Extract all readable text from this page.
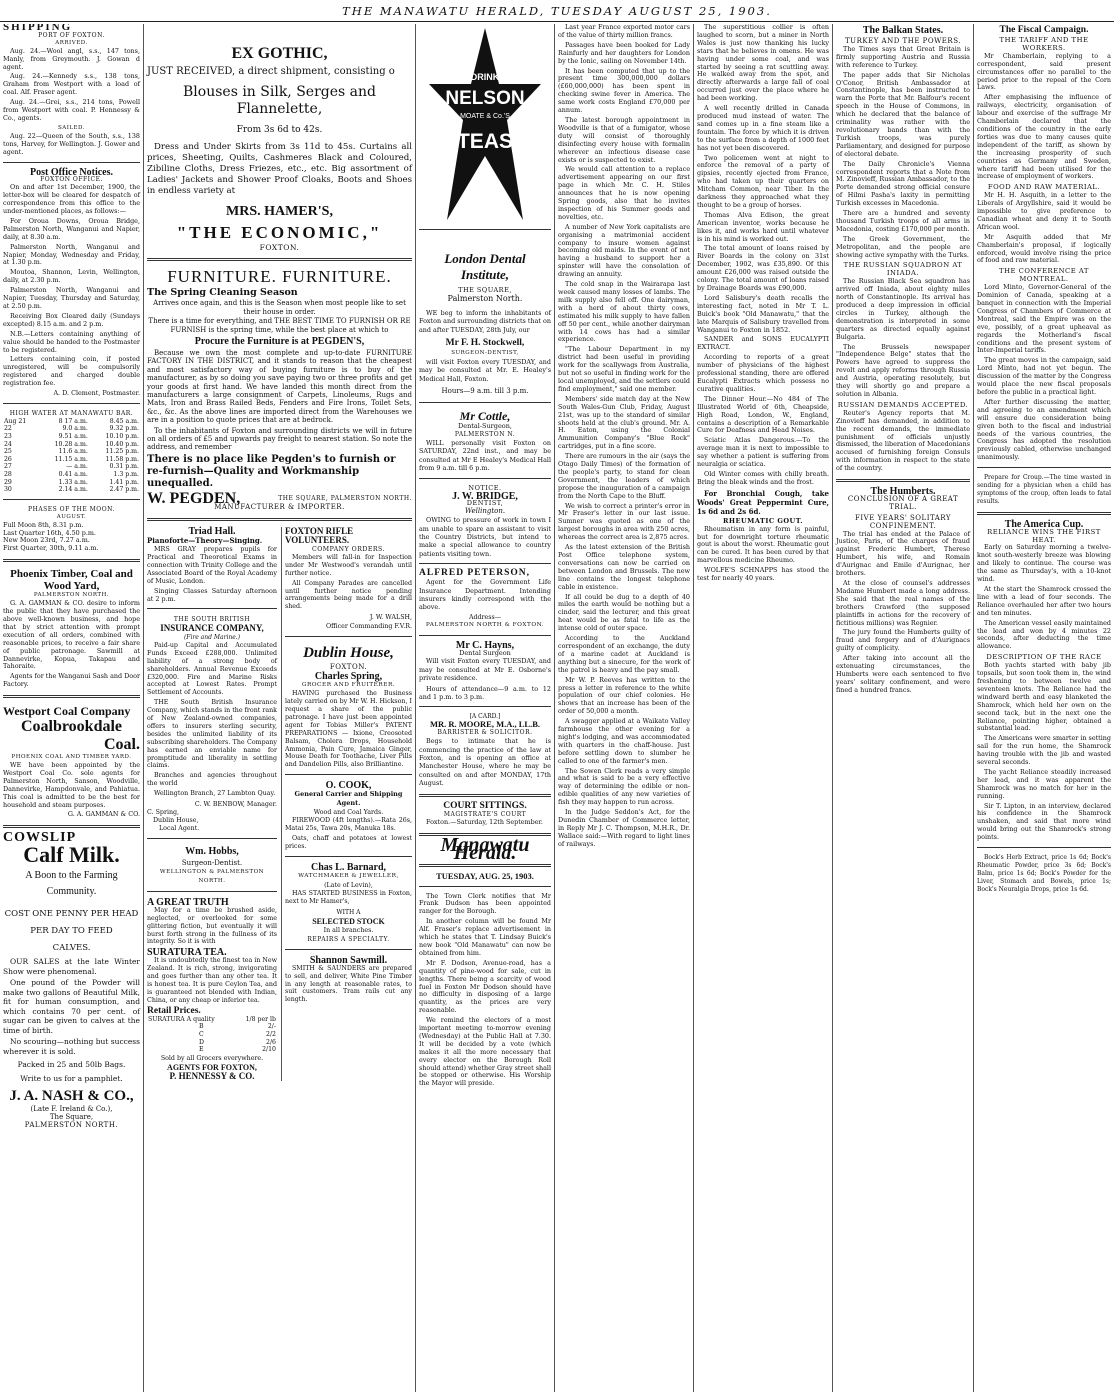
THE MANAWATU HERALD, TUESDAY AUGUST 25, 1903.
SHIPPING
PORT OF FOXTON.
ARRIVED.
Aug. 24.—Wool angl, s.s., 147 tons, Manly, from Greymouth. J. Gowan d agent.
Aug. 24.—Kennedy s.s., 138 tons, Graham from Westport with a load of coal. Alf. Fraser agent.
Aug. 24.—Grei, s.s., 214 tons, Powell from Westport with coal. P. Hennessy & Co., agents.
SAILED.
Aug. 22—Queen of the South, s.s., 138 tons, Harvey, for Wellington. J. Gower and agent.
Post Office Notices.
FOXTON OFFICE.
On and after 1st December, 1900, the letter-box will be cleared for despatch of correspondence from this office to the under-mentioned places, as follows:—
For Oroua Downs, Oroua Bridge, Palmerston North, Wanganui and Napier, daily, at 8.30 a.m.
Palmerston North, Wanganui and Napier, Monday, Wednesday and Friday, at 1.30 p.m.
Moutoa, Shannon, Levin, Wellington, daily, at 2.30 p.m.
Palmerston North, Wanganui and Napier, Tuesday, Thursday and Saturday, at 2.50 p.m.
Receiving Box Cleared daily (Sundays excepted) 8.15 a.m. and 2 p.m.
N.B.—Letters containing anything of value should be handed to the Postmaster to be registered.
Letters containing coin, if posted unregistered, will be compulsorily registered and charged double registration fee.
A. D. Clement, Postmaster.
HIGH WATER AT MANAWATU BAR.
Aug 21	8 17 a.m.	8.45 a.m.
22	9.0 a.m.	9.32 p.m.
23	9.51 a.m.	10.10 p.m.
24	10.28 a.m.	10.40 p.m.
25	11.6 a.m.	11.25 p.m.
26	11.15 a.m.	11.58 p.m.
27	— a.m.	0.31 p.m.
28	0.41 a.m.	1.3 p.m.
29	1.33 a.m.	1.41 p.m.
30	2.14 a.m.	2.47 p.m.
PHASES OF THE MOON.
AUGUST.
Full Moon 8th, 8.31 p.m.
Last Quarter 16th, 4.50 p.m.
New Moon 23rd, 7.27 a.m.
First Quarter, 30th, 9.11 a.m.
Phoenix Timber, Coal and Wood Yard,
PALMERSTON NORTH.
G. A. GAMMAN & CO. desire to inform the public that they have purchased the above well-known business, and hope that by strict attention with prompt execution of all orders, combined with reasonable prices, to receive a fair share of public patronage. Sawmill at Dannevirke, Kopua, Takapau and Tahoraite.
Agents for the Wanganui Sash and Door Factory.
Westport Coal Company
Coalbrookdale
Coal.
PHOENIX COAL AND TIMBER YARD.
WE have been appointed by the Westport Coal Co. sole agents for Palmerston North, Sanson, Woodville, Dannevirke, Hampdonvale, and Pahiatua. This coal is admitted to be the best for household and steam purposes.
G. A. GAMMAN & CO.
COWSLIP
Calf Milk.
A Boon to the Farming Community.
COST ONE PENNY PER HEAD
PER DAY TO FEED
CALVES.
OUR SALES at the late Winter Show were phenomenal.
One pound of the Powder will make two gallons of Beautiful Milk, fit for human consumption, and which contains 70 per cent. of sugar can be given to calves at the time of birth.
No scouring—nothing but success wherever it is sold.
Packed in 25 and 50lb Bags.
Write to us for a pamphlet.
J. A. NASH & CO.,
(Late F. Ireland & Co.),
The Square,
PALMERSTON NORTH.
EX GOTHIC,
JUST RECEIVED, a direct shipment, consisting o
Blouses in Silk, Serges and Flannelette,
From 3s 6d to 42s.
Dress and Under Skirts from 3s 11d to 45s. Curtains all prices, Sheeting, Quilts, Cashmeres Black and Coloured, Zibiline Cloths, Dress Friezes, etc., etc. Big assortment of Ladies' Jackets and Shower Proof Cloaks, Boots and Shoes in endless variety at
MRS. HAMER'S,
"THE ECONOMIC,"
FOXTON.
FURNITURE. FURNITURE.
The Spring Cleaning Season
Arrives once again, and this is the Season when most people like to set their house in order.
There is a time for everything, and THE BEST TIME TO FURNISH OR RE FURNISH is the spring time, while the best place at which to
Procure the Furniture is at PEGDEN'S,
Because we own the most complete and up-to-date FURNITURE FACTORY IN THE DISTRICT, and it stands to reason that the cheapest and most satisfactory way of buying furniture is to buy of the manufacturer, as by so doing you save paying two or three profits and get your goods at first hand. We have landed this month direct from the manufacturers a large consignment of Carpets, Linoleums, Rugs and Mats, Iron and Brass Railed Beds, Fenders and Fire Irons, Toilet Sets, &c., &c. As the above lines are imported direct from the Warehouses we are in a position to quote prices that are at bedrock.
To the inhabitants of Foxton and surrounding districts we will in future on all orders of £5 and upwards pay freight to nearest station. So note the address, and remember
There is no place like Pegden's to furnish or re-furnish—Quality and Workmanship unequalled.
W. PEGDEN,	THE SQUARE, PALMERSTON NORTH.
MANUFACTURER & IMPORTER.
Triad Hall.
Pianoforte—Theory—Singing.
MRS GRAY prepares pupils for Practical and Theoretical Exams in connection with Trinity College and the Associated Board of the Royal Academy of Music, London.
Singing Classes Saturday afternoon at 2 p.m.
THE SOUTH BRITISH
INSURANCE COMPANY,
(Fire and Marine.)
Paid-up Capital and Accumulated Funds Exceed £288,000. Unlimited liability of a strong body of shareholders. Annual Revenue Exceeds £320,000. Fire and Marine Risks accepted at Lowest Rates. Prompt Settlement of Accounts.
THE South British Insurance Company, which stands in the front rank of New Zealand-owned companies, offers to insurers sterling security, besides the unlimited liability of its subscribing shareholders. The Company has earned an enviable name for promptitude and liberality in settling claims.
Branches and agencies throughout the world
Wellington Branch, 27 Lambton Quay.
C. W. BENBOW, Manager.
C. Spring,
Dublin House,
Local Agent.
Wm. Hobbs,
Surgeon-Dentist.
WELLINGTON & PALMERSTON NORTH.
A GREAT TRUTH
May for a time be brushed aside, neglected, or overlooked for some glittering fiction, but eventually it will burst forth strong in the fullness of its integrity. So it is with
SURATURA TEA.
It is undoubtedly the finest tea in New Zealand. It is rich, strong, invigorating and goes further than any other tea. It is honest tea. It is pure Ceylon Tea, and is guaranteed not blended with Indian, China, or any cheap or inferior tea.
Retail Prices.
SURATURA A quality	1/8 per lb
B	2/-
C	2/2
D	2/6
E	2/10
Sold by all Grocers everywhere.
AGENTS FOR FOXTON,
P. HENNESSY & CO.
FOXTON RIFLE VOLUNTEERS.
COMPANY ORDERS.
Members will fall-in for Inspection under Mr Westwood's verandah until further notice.
All Company Parades are cancelled until further notice pending arrangements being made for a drill shed.
J. W. WALSH,
Officer Commanding F.V.R.
Dublin House,
FOXTON.
Charles Spring,
GROCER AND FRUITERER.
HAVING purchased the Business lately carried on by Mr W. H. Hickson, I request a share of the public patronage. I have just been appointed agent for Tobias Miller's PATENT PREPARATIONS — Ixione, Creosoted Balsam, Cholera Drops, Household Ammonia, Pain Cure, Jamaica Ginger, Mouse Death for Toothache, Liver Pills and Dandelion Pills, also Brilliantine.
O. COOK,
General Carrier and Shipping Agent.
Wood and Coal Yards.
FIREWOOD (4ft lengths).—Rata 26s, Matai 25s, Tawa 20s, Manuka 18s.
Oats, chaff and potatoes at lowest prices.
Chas L. Barnard,
WATCHMAKER & JEWELLER,
(Late of Levin),
HAS STARTED BUSINESS in Foxton, next to Mr Hamer's,
WITH A
SELECTED STOCK
In all branches.
REPAIRS A SPECIALTY.
Shannon Sawmill.
SMITH & SAUNDERS are prepared to sell, and deliver, White Pine Timber in any length at reasonable rates, to suit customers. Tram rails cut any length.
DRINK
NELSON
MOATE & Co.'S
TEAS
London Dental
Institute,
THE SQUARE,
Palmerston North.
WE beg to inform the inhabitants of Foxton and surrounding districts that on and after TUESDAY, 28th July, our
Mr F. H. Stockwell,
SURGEON-DENTIST,
will visit Foxton every TUESDAY, and may be consulted at Mr. E. Healey's Medical Hall, Foxton.
Hours—9 a.m. till 3 p.m.
Mr Cottle,
Dental-Surgeon,
PALMERSTON N.
WILL personally visit Foxton on SATURDAY, 22nd inst., and may be consulted at Mr E Healey's Medical Hall from 9 a.m. till 6 p.m.
NOTICE.
J. W. BRIDGE,
DENTIST,
Wellington.
OWING to pressure of work in town I am unable to spare an assistant to visit the Country Districts, but intend to make a special allowance to country patients visiting town.
ALFRED PETERSON,
Agent for the Government Life Insurance Department. Intending insurers kindly correspond with the above.
Address—
PALMERSTON NORTH & FOXTON.
Mr C. Hayns,
Dental Surgeon
Will visit Foxton every TUESDAY, and may be consulted at Mr E. Osborne's private residence.
Hours of attendance—9 a.m. to 12 and 1 p.m. to 3 p.m.
[A CARD.]
MR. R. MOORE, M.A., LL.B.
BARRISTER & SOLICITOR.
Begs to intimate that he is commencing the practice of the law at Foxton, and is opening an office at Manchester House, where he may be consulted on and after MONDAY, 17th August.
COURT SITTINGS.
MAGISTRATE'S COURT
Foxton.—Saturday, 12th September.
Manawatu Herald.
TUESDAY, AUG. 25, 1903.
The Town Clerk notifies that Mr Frank Dudson has been appointed ranger for the Borough.
In another column will be found Mr Alf. Fraser's replace advertisement in which he states that T. Lindsay Buick's new book "Old Manawatu" can now be obtained from him.
Mr F. Dodson, Avenue-road, has a quantity of pine-wood for sale, cut in lengths. There being a scarcity of wood fuel in Foxton Mr Dodson should have no difficulty in disposing of a large quantity, as the prices are very reasonable.
We remind the electors of a most important meeting to-morrow evening (Wednesday) at the Public Hall at 7.30. It will be decided by a vote (which makes it all the more necessary that every elector on the Borough Roll should attend) whether Gray street shall be stopped or otherwise. His Worship the Mayor will preside.
Last year France exported motor cars of the value of thirty million francs.
Passages have been booked for Lady Rainfurly and her daughters for London by the Ionic, sailing on November 14th.
It has been computed that up to the present time 300,000,000 dollars (£60,000,000) has been spent in checking swine fever in America. The same work costs England £70,000 per annum.
The latest borough appointment in Woodville is that of a fumigator, whose duty will consist of thoroughly disinfecting every house with formalin wherever an infectious disease case exists or is suspected to exist.
We would call attention to a replace advertisement appearing on our first page in which Mr. C. H. Stiles announces that he is now opening Spring goods, also that he invites inspection of his Summer goods and novelties, etc.
A number of New York capitalists are organising a matrimonial accident company to insure women against becoming old maids. In the event of not having a husband to support her a spinster will have the consolation of drawing an annuity.
The cold snap in the Wairarapa last week caused many losses of lambs. The milk supply also fell off. One dairyman, with a herd of about thirty cows, estimated his milk supply to have fallen off 50 per cent., while another dairyman with 14 cows has had a similar experience.
"The Labour Department in my district had been useful in providing work for the scallywags from Australia, but not so useful in finding work for the local unemployed, and the settlers could find employment," said one member.
Members' side match day at the New South Wales-Gun Club, Friday, August 21st, was up to the standard of similar shoots held at the club's ground. Mr. A. H. Eaton, using the Colonial Ammunition Company's "Blue Rock" cartridges, put in a fine score.
There are rumours in the air (says the Otago Daily Times) of the formation of the people's party, to stand for clean Government, the leaders of which propose the inauguration of a campaign from the North Cape to the Bluff.
We wish to correct a printer's error in Mr Fraser's letter in our last issue. Sumner was quoted as one of the largest boroughs in area with 250 acres, whereas the correct area is 2,875 acres.
As the latest extension of the British Post Office telephone system, conversations can now be carried on between London and Brussels. The new line contains the longest telephone cable in existence.
If all could be dug to a depth of 40 miles the earth would be nothing but a cinder, said the lecturer, and this great heat would be as fatal to life as the intense cold of outer space.
According to the Auckland correspondent of an exchange, the duty of a marine cadet at Auckland is anything but a sinecure, for the work of the patrol is heavy and the pay small.
Mr W. P. Reeves has written to the press a letter in reference to the white population of our chief colonies. He shows that an increase has been of the order of 50,000 a month.
A swagger applied at a Waikato Valley farmhouse the other evening for a night's lodging, and was accommodated with quarters in the chaff-house. Just before settling down to slumber he called to one of the farmer's men.
The Sowen Clerk reads a very simple and what is said to be a very effective way of determining the edible or non-edible qualities of any new varieties of fish they may happen to run across.
In the Judge Seddon's Act, for the Dunedin Chamber of Commerce letter, in Reply Mr J. C. Thompson, M.H.R., Dr. Wallace said:—With regard to light lines of railways.
The superstitious collier is often laughed to scorn, but a miner in North Wales is just now thanking his lucky stars that he believes in omens. He was having under some coal, and was started by seeing a rat scuttling away. He walked away from the spot, and directly afterwards a large fall of coal occurred just over the place where he had been working.
A well recently drilled in Canada produced mud instead of water. The sand comes up in a fine steam like a fountain. The force by which it is driven to the surface from a depth of 1000 feet has not yet been discovered.
Two policemen went at night to enforce the removal of a party of gipsies, recently ejected from France, who had taken up their quarters on Mitcham Common, near Tiber. In the darkness they approached what they thought to be a group of horses.
Thomas Alva Edison, the great American inventor, works because he likes it, and works hard until whatever is in his mind is worked out.
The total amount of loans raised by River Boards in the colony on 31st December, 1902, was £35,890. Of this amount £26,000 was raised outside the colony. The total amount of loans raised by Drainage Boards was £90,000.
Lord Salisbury's death recalls the interesting fact, noted in Mr T. L. Buick's book "Old Manawatu," that the late Marquis of Salisbury travelled from Wanganui to Foxton in 1852.
SANDER and SONS EUCALYPTI EXTRACT.
According to reports of a great number of physicians of the highest professional standing, there are offered Eucalypti Extracts which possess no curative qualities.
The Dinner Hour.—No 484 of The Illustrated World of 6th, Cheapside, High Road, London, W., England, contains a description of a Remarkable Cure for Deafness and Head Noises.
Sciatic Atlas Dangerous.—To the average man it is next to impossible to say whether a patient is suffering from neuralgia or sciatica.
Old Winter comes with chilly breath. Bring the bleak winds and the frost.
For Bronchial Cough, take Woods' Great Peppermint Cure, 1s 6d and 2s 6d.
RHEUMATIC GOUT.
Rheumatism in any form is painful, but for downright torture rheumatic gout is about the worst. Rheumatic gout can be cured. It has been cured by that marvellous medicine Rheumo.
WOLFE'S SCHNAPPS has stood the test for nearly 40 years.
The Balkan States.
TURKEY AND THE POWERS.
The Times says that Great Britain is firmly supporting Austria and Russia with reference to Turkey.
The paper adds that Sir Nicholas O'Conor, British Ambassador at Constantinople, has been instructed to warn the Porte that Mr. Balfour's recent speech in the House of Commons, in which he declared that the balance of criminality was rather with the revolutionary bands than with the Turkish troops, was purely Parliamentary, and designed for purpose of electoral debate.
The Daily Chronicle's Vienna correspondent reports that a Note from M. Zinovieff, Russian Ambassador, to the Porte demanded strong official censure of Hilmi Pasha's laxity in permitting Turkish excesses in Macedonia.
There are a hundred and seventy thousand Turkish troops of all arms in Macedonia, costing £170,000 per month.
The Greek Government, the Metropolitan, and the people are showing active sympathy with the Turks.
THE RUSSIAN SQUADRON AT INIADA.
The Russian Black Sea squadron has arrived off Iniada, about eighty miles north of Constantinople. Its arrival has produced a deep impression in official circles in Turkey, although the demonstration is interpreted in some quarters as directed equally against Bulgaria.
The Brussels newspaper "Independence Belge" states that the Powers have agreed to suppress the revolt and apply reforms through Russia and Austria, operating resolutely, but they will shortly go and prepare a solution in Albania.
RUSSIAN DEMANDS ACCEPTED.
Reuter's Agency reports that M. Zinovieff has demanded, in addition to the recent demands, the immediate punishment of officials unjustly dismissed, the liberation of Macedonians accused of furnishing foreign Consuls with information in respect to the state of the country.
The Humberts.
CONCLUSION OF A GREAT TRIAL.
FIVE YEARS' SOLITARY CONFINEMENT.
The trial has ended at the Palace of Justice, Paris, of the charges of fraud against Frederic Humbert, Therese Humbert, his wife, and Romain d'Aurignac and Emile d'Aurignac, her brothers.
At the close of counsel's addresses Madame Humbert made a long address. She said that the real names of the brothers Crawford (the supposed plaintiffs in actions for the recovery of fictitious millions) was Regnier.
The jury found the Humberts guilty of fraud and forgery and of d'Aurignacs guilty of complicity.
After taking into account all the extenuating circumstances, the Humberts were each sentenced to five years' solitary confinement, and were fined a hundred francs.
The Fiscal Campaign.
THE TARIFF AND THE WORKERS.
Mr Chamberlain, replying to a correspondent, said present circumstances offer no parallel to the period prior to the repeal of the Corn Laws.
After emphasising the influence of railways, electricity, organisation of labour and exercise of the suffrage Mr Chamberlain declared that the conditions of the country in the early forties was due to many causes quite independent of the tariff, as shown by the increasing prosperity of such countries as Germany and Sweden, where tariff had been utilised for the increase of employment of workers.
FOOD AND RAW MATERIAL.
Mr H. H. Asquith, in a letter to the Liberals of Argyllshire, said it would be impossible to give preference to Canadian wheat and deny it to South African wool.
Mr Asquith added that Mr Chamberlain's proposal, if logically enforced, would involve rising the price of food and raw material.
THE CONFERENCE AT MONTREAL.
Lord Minto, Governor-General of the Dominion of Canada, speaking at a banquet in connection with the Imperial Congress of Chambers of Commerce at Montreal, said the Empire was on the eve, possibly, of a great upheaval as regards the Motherland's fiscal conditions and the present system of Inter-Imperial tariffs.
The great moves in the campaign, said Lord Minto, had not yet begun. The discussion of the matter by the Congress would place the new fiscal proposals before the public in a practical light.
After further discussing the matter, and agreeing to an amendment which will ensure due consideration being given both to the fiscal and industrial needs of the various countries, the Congress has adopted the resolution previously cabled, otherwise unchanged unanimously.
Prepare for Croup.—The time wasted in sending for a physician when a child has symptoms of the croup, often leads to fatal results.
The America Cup.
RELIANCE WINS THE FIRST HEAT.
Early on Saturday morning a twelve-knot south-westerly breeze was blowing and likely to continue. The course was the same as Thursday's, with a 10-knot wind.
At the start the Shamrock crossed the line with a lead of four seconds. The Reliance overhauled her after two hours and ten minutes.
The American vessel easily maintained the lead and won by 4 minutes 22 seconds, after deducting the time allowance.
DESCRIPTION OF THE RACE
Both yachts started with baby jib topsails, but soon took them in, the wind freshening to between twelve and seventeen knots. The Reliance had the windward berth and easy blanketed the Shamrock, which held her own on the second tack, but in the next one the Reliance, pointing higher, obtained a substantial lead.
The Americans were smarter in setting sail for the run home, the Shamrock having trouble with the jib and wasted several seconds.
The yacht Reliance steadily increased her lead, and it was apparent the Shamrock was no match for her in the running.
Sir T. Lipton, in an interview, declared his confidence in the Shamrock unshaken, and said that more wind would bring out the Shamrock's strong points.
Bock's Herb Extract, price 1s 6d; Bock's Rheumatic Powder, price 3s 6d; Bock's Balm, price 1s 6d; Bock's Powder for the Liver, Stomach and Bowels, price 1s; Bock's Neuralgia Drops, price 1s 6d.
